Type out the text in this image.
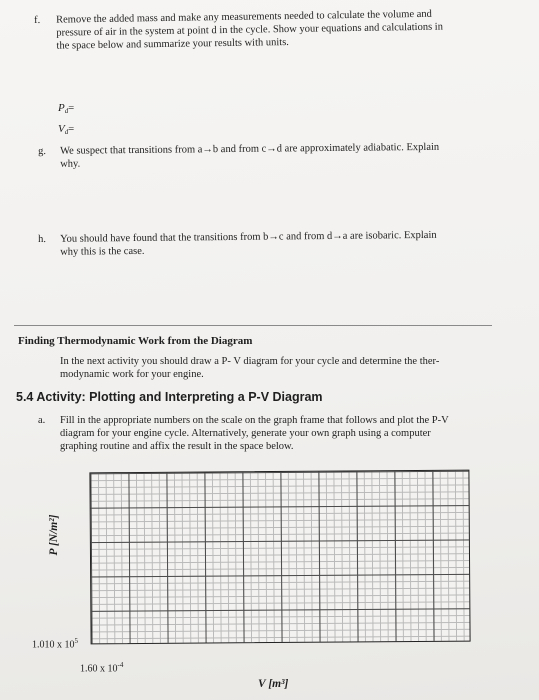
f. Remove the added mass and make any measurements needed to calculate the volume and
pressure of air in the system at point d in the cycle. Show your equations and calculations in
the space below and summarize your results with units.
$P_d=$
$V_d=$
g. We suspect that transitions from a→b and from c→d are approximately adiabatic. Explain
why.
h. You should have found that the transitions from b→c and from d→a are isobaric. Explain
why this is the case.
Finding Thermodynamic Work from the Diagram
In the next activity you should draw a P- V diagram for your cycle and determine the ther-
modynamic work for your engine.
5.4 Activity: Plotting and Interpreting a P-V Diagram
a. Fill in the appropriate numbers on the scale on the graph frame that follows and plot the P-V
diagram for your engine cycle. Alternatively, generate your own graph using a computer
graphing routine and affix the result in the space below.
P [N/m²]
1.010 x $10^5$
1.60 x $10^{-4}$
V [m³]
